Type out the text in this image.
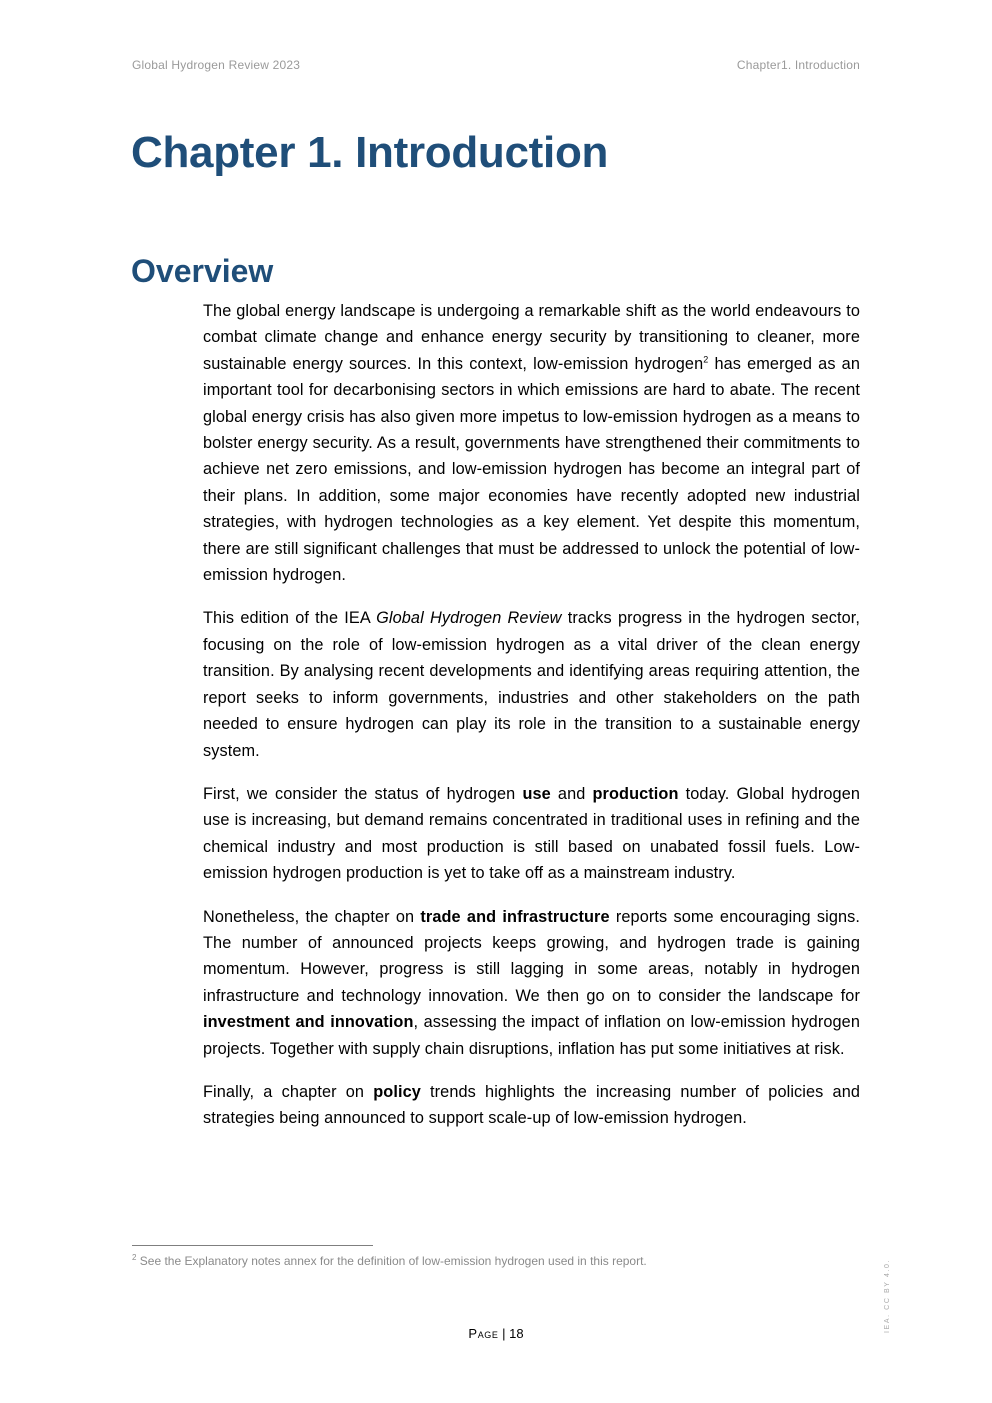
Global Hydrogen Review 2023	Chapter1. Introduction
Chapter 1. Introduction
Overview

The global energy landscape is undergoing a remarkable shift as the world endeavours to combat climate change and enhance energy security by transitioning to cleaner, more sustainable energy sources. In this context, low-emission hydrogen$^2$ has emerged as an important tool for decarbonising sectors in which emissions are hard to abate. The recent global energy crisis has also given more impetus to low-emission hydrogen as a means to bolster energy security. As a result, governments have strengthened their commitments to achieve net zero emissions, and low-emission hydrogen has become an integral part of their plans. In addition, some major economies have recently adopted new industrial strategies, with hydrogen technologies as a key element. Yet despite this momentum, there are still significant challenges that must be addressed to unlock the potential of low-emission hydrogen.

This edition of the IEA Global Hydrogen Review tracks progress in the hydrogen sector, focusing on the role of low-emission hydrogen as a vital driver of the clean energy transition. By analysing recent developments and identifying areas requiring attention, the report seeks to inform governments, industries and other stakeholders on the path needed to ensure hydrogen can play its role in the transition to a sustainable energy system.

First, we consider the status of hydrogen use and production today. Global hydrogen use is increasing, but demand remains concentrated in traditional uses in refining and the chemical industry and most production is still based on unabated fossil fuels. Low-emission hydrogen production is yet to take off as a mainstream industry.

Nonetheless, the chapter on trade and infrastructure reports some encouraging signs. The number of announced projects keeps growing, and hydrogen trade is gaining momentum. However, progress is still lagging in some areas, notably in hydrogen infrastructure and technology innovation. We then go on to consider the landscape for investment and innovation, assessing the impact of inflation on low-emission hydrogen projects. Together with supply chain disruptions, inflation has put some initiatives at risk.

Finally, a chapter on policy trends highlights the increasing number of policies and strategies being announced to support scale-up of low-emission hydrogen.

$^2$ See the Explanatory notes annex for the definition of low-emission hydrogen used in this report.
Page | 18
IEA. CC BY 4.0.
